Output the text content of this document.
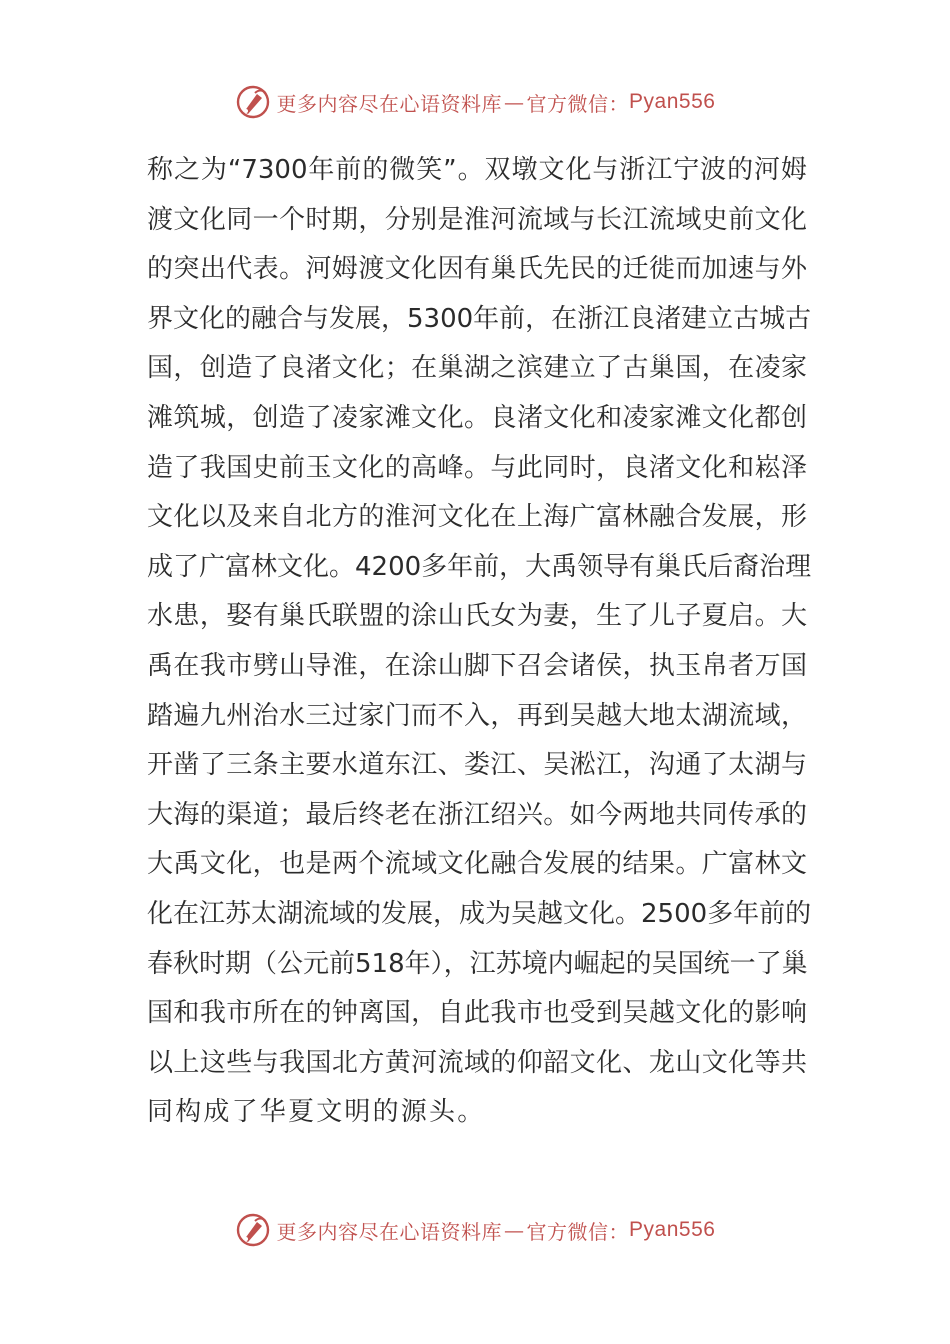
更多内容尽在心语资料库 — 官方微信： Pyan556
称之为“7300年前的微笑”。双墩文化与浙江宁波的河姆
渡文化同一个时期，分别是淮河流域与长江流域史前文化
的突出代表。河姆渡文化因有巢氏先民的迁徙而加速与外
界文化的融合与发展，5300年前，在浙江良渚建立古城古
国，创造了良渚文化；在巢湖之滨建立了古巢国，在凌家
滩筑城，创造了凌家滩文化。良渚文化和凌家滩文化都创
造了我国史前玉文化的高峰。与此同时，良渚文化和崧泽
文化以及来自北方的淮河文化在上海广富林融合发展，形
成了广富林文化。4200多年前，大禹领导有巢氏后裔治理
水患，娶有巢氏联盟的涂山氏女为妻，生了儿子夏启。大
禹在我市劈山导淮，在涂山脚下召会诸侯，执玉帛者万国
踏遍九州治水三过家门而不入，再到吴越大地太湖流域，
开凿了三条主要水道东江、娄江、吴淞江，沟通了太湖与
大海的渠道；最后终老在浙江绍兴。如今两地共同传承的
大禹文化，也是两个流域文化融合发展的结果。广富林文
化在江苏太湖流域的发展，成为吴越文化。2500多年前的
春秋时期（公元前518年），江苏境内崛起的吴国统一了巢
国和我市所在的钟离国，自此我市也受到吴越文化的影响
以上这些与我国北方黄河流域的仰韶文化、龙山文化等共
同构成了华夏文明的源头。
更多内容尽在心语资料库 — 官方微信： Pyan556
